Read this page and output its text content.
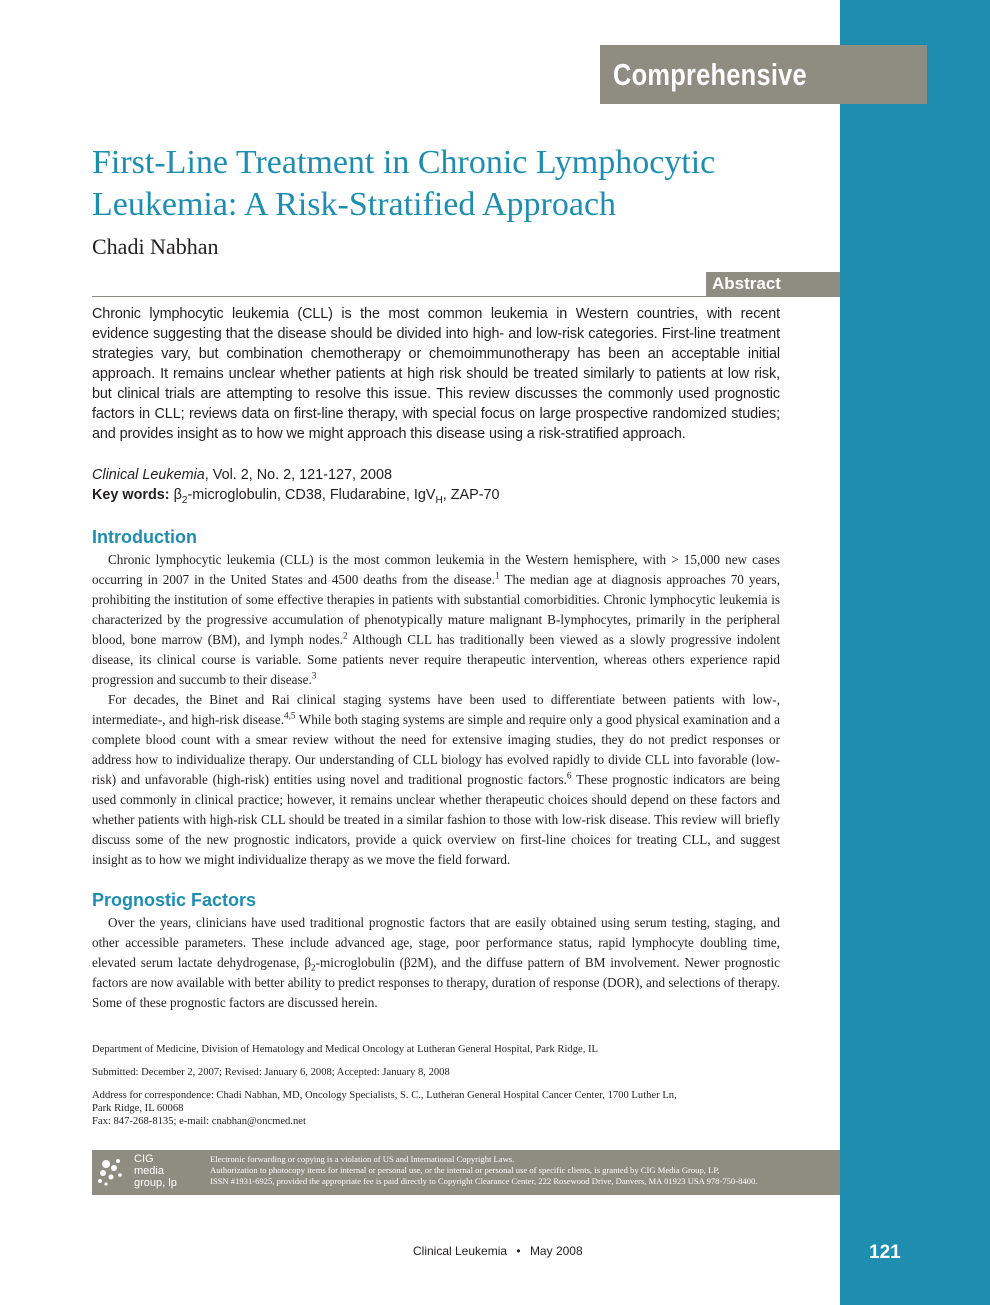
Comprehensive Review
First-Line Treatment in Chronic Lymphocytic Leukemia: A Risk-Stratified Approach
Chadi Nabhan
Abstract

Chronic lymphocytic leukemia (CLL) is the most common leukemia in Western countries, with recent evidence suggesting that the disease should be divided into high- and low-risk categories. First-line treatment strategies vary, but combination chemotherapy or chemoimmunotherapy has been an acceptable initial approach. It remains unclear whether patients at high risk should be treated similarly to patients at low risk, but clinical trials are attempting to resolve this issue. This review discusses the commonly used prognostic factors in CLL; reviews data on first-line therapy, with special focus on large prospective randomized studies; and provides insight as to how we might approach this disease using a risk-stratified approach.

Clinical Leukemia, Vol. 2, No. 2, 121-127, 2008
Key words: $\beta_2$-microglobulin, CD38, Fludarabine, IgV$_H$, ZAP-70
Introduction

Chronic lymphocytic leukemia (CLL) is the most common leukemia in the Western hemisphere, with > 15,000 new cases occurring in 2007 in the United States and 4500 deaths from the disease.$^1$ The median age at diagnosis approaches 70 years, prohibiting the institution of some effective therapies in patients with substantial comorbidities. Chronic lymphocytic leukemia is characterized by the progressive accumulation of phenotypically mature malignant B-lymphocytes, primarily in the peripheral blood, bone marrow (BM), and lymph nodes.$^2$ Although CLL has traditionally been viewed as a slowly progressive indolent disease, its clinical course is variable. Some patients never require therapeutic intervention, whereas others experience rapid progression and succumb to their disease.$^3$

For decades, the Binet and Rai clinical staging systems have been used to differentiate between patients with low-, intermediate-, and high-risk disease.$^{4,5}$ While both staging systems are simple and require only a good physical examination and a complete blood count with a smear review without the need for extensive imaging studies, they do not predict responses or address how to individualize therapy. Our understanding of CLL biology has evolved rapidly to divide CLL into favorable (low-risk) and unfavorable (high-risk) entities using novel and traditional prognostic factors.$^6$ These prognostic indicators are being used commonly in clinical practice; however, it remains unclear whether therapeutic choices should depend on these factors and whether patients with high-risk CLL should be treated in a similar fashion to those with low-risk disease. This review will briefly discuss some of the new prognostic indicators, provide a quick overview on first-line choices for treating CLL, and suggest insight as to how we might individualize therapy as we move the field forward.

Prognostic Factors

Over the years, clinicians have used traditional prognostic factors that are easily obtained using serum testing, staging, and other accessible parameters. These include advanced age, stage, poor performance status, rapid lymphocyte doubling time, elevated serum lactate dehydrogenase, $\beta_2$-microglobulin (β2M), and the diffuse pattern of BM involvement. Newer prognostic factors are now available with better ability to predict responses to therapy, duration of response (DOR), and selections of therapy. Some of these prognostic factors are discussed herein.

Department of Medicine, Division of Hematology and Medical Oncology at Lutheran General Hospital, Park Ridge, IL

Submitted: December 2, 2007; Revised: January 6, 2008; Accepted: January 8, 2008

Address for correspondence: Chadi Nabhan, MD, Oncology Specialists, S. C., Lutheran General Hospital Cancer Center, 1700 Luther Ln,
Park Ridge, IL 60068
Fax: 847-268-8135; e-mail: cnabhan@oncmed.net

CIG
media
group, lp
Electronic forwarding or copying is a violation of US and International Copyright Laws.
Authorization to photocopy items for internal or personal use, or the internal or personal use of specific clients, is granted by CIG Media Group, LP,
ISSN #1931-6925, provided the appropriate fee is paid directly to Copyright Clearance Center, 222 Rosewood Drive, Danvers, MA 01923 USA 978-750-8400.
Clinical Leukemia • May 2008	121
